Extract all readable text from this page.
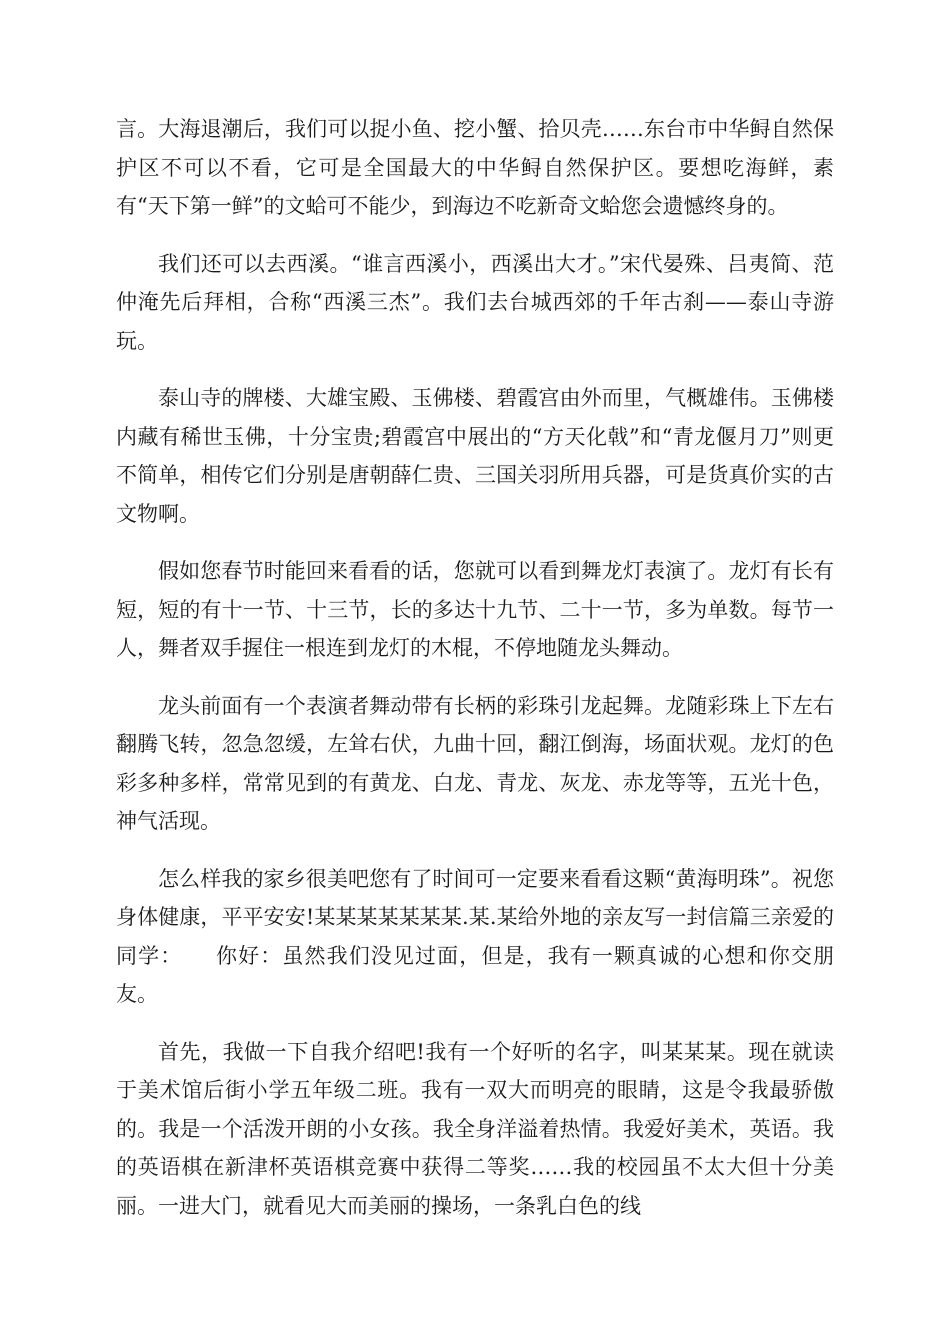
言。大海退潮后，我们可以捉小鱼、挖小蟹、拾贝壳……东台市中华鲟自然保护区不可以不看，它可是全国最大的中华鲟自然保护区。要想吃海鲜，素有“天下第一鲜”的文蛤可不能少，到海边不吃新奇文蛤您会遗憾终身的。

我们还可以去西溪。“谁言西溪小，西溪出大才。”宋代晏殊、吕夷简、范仲淹先后拜相，合称“西溪三杰”。我们去台城西郊的千年古刹——泰山寺游玩。

泰山寺的牌楼、大雄宝殿、玉佛楼、碧霞宫由外而里，气概雄伟。玉佛楼内藏有稀世玉佛，十分宝贵;碧霞宫中展出的“方天化戟”和“青龙偃月刀”则更不简单，相传它们分别是唐朝薛仁贵、三国关羽所用兵器，可是货真价实的古文物啊。

假如您春节时能回来看看的话，您就可以看到舞龙灯表演了。龙灯有长有短，短的有十一节、十三节，长的多达十九节、二十一节，多为单数。每节一人，舞者双手握住一根连到龙灯的木棍，不停地随龙头舞动。

龙头前面有一个表演者舞动带有长柄的彩珠引龙起舞。龙随彩珠上下左右翻腾飞转，忽急忽缓，左耸右伏，九曲十回，翻江倒海，场面状观。龙灯的色彩多种多样，常常见到的有黄龙、白龙、青龙、灰龙、赤龙等等，五光十色，神气活现。

怎么样我的家乡很美吧您有了时间可一定要来看看这颗“黄海明珠”。祝您身体健康，平平安安!某某某某某某某.某.某给外地的亲友写一封信篇三亲爱的同学：　　你好：虽然我们没见过面，但是，我有一颗真诚的心想和你交朋友。

首先，我做一下自我介绍吧!我有一个好听的名字，叫某某某。现在就读于美术馆后街小学五年级二班。我有一双大而明亮的眼睛，这是令我最骄傲的。我是一个活泼开朗的小女孩。我全身洋溢着热情。我爱好美术，英语。我的英语棋在新津杯英语棋竞赛中获得二等奖……我的校园虽不太大但十分美丽。一进大门，就看见大而美丽的操场，一条乳白色的线
